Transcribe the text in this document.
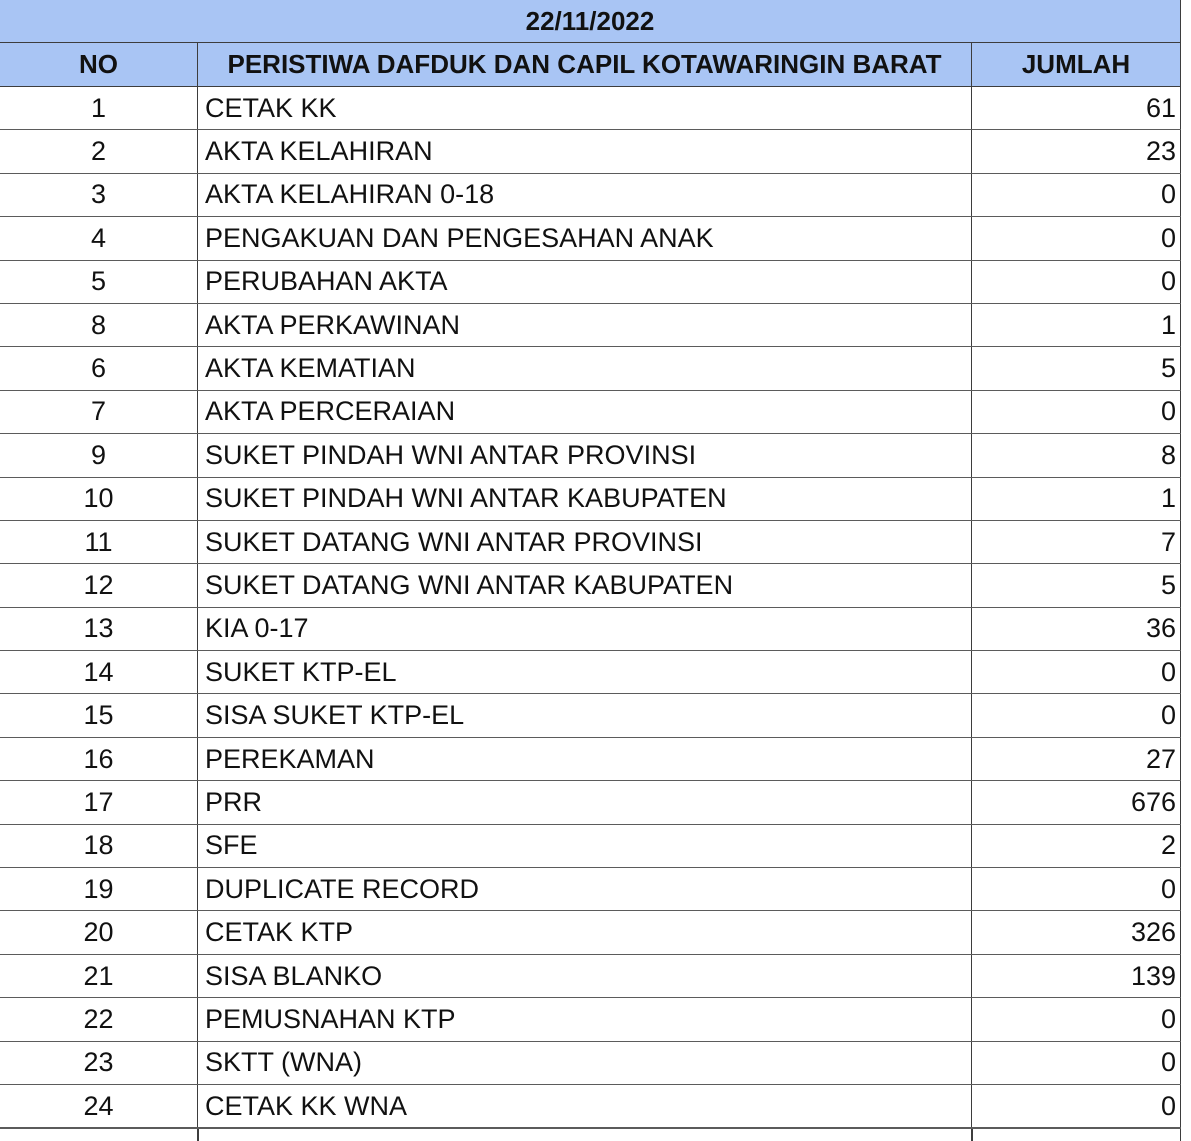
22/11/2022
NO	PERISTIWA DAFDUK DAN CAPIL KOTAWARINGIN BARAT	JUMLAH
1	CETAK KK	61
2	AKTA KELAHIRAN	23
3	AKTA KELAHIRAN 0-18	0
4	PENGAKUAN DAN PENGESAHAN ANAK	0
5	PERUBAHAN AKTA	0
8	AKTA PERKAWINAN	1
6	AKTA KEMATIAN	5
7	AKTA PERCERAIAN	0
9	SUKET PINDAH WNI ANTAR PROVINSI	8
10	SUKET PINDAH WNI ANTAR KABUPATEN	1
11	SUKET DATANG WNI ANTAR PROVINSI	7
12	SUKET DATANG WNI ANTAR KABUPATEN	5
13	KIA 0-17	36
14	SUKET KTP-EL	0
15	SISA SUKET KTP-EL	0
16	PEREKAMAN	27
17	PRR	676
18	SFE	2
19	DUPLICATE RECORD	0
20	CETAK KTP	326
21	SISA BLANKO	139
22	PEMUSNAHAN KTP	0
23	SKTT (WNA)	0
24	CETAK KK WNA	0
